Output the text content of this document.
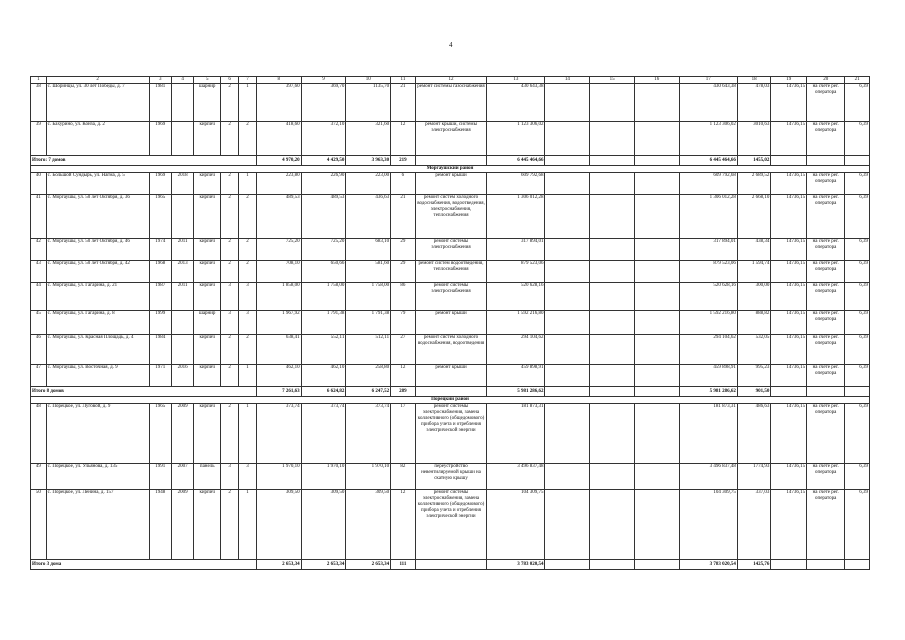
4
1	2	3	4	5	6	7	8	9	10	11	12	13	14	15	16	17	18	19	20	21
38	с. Шоринцы, ул. 30 лет Победы, д. 7	1981		шарнир	2	1	397,60	369,70	1135,70	21	ремонт системы газоснабжения	430 643,38				430 643,38	478,03	14736,15	на счете рег. оператора	6,39
39	с. Бахурино, ул. Конза, д. 2	1969		кирпич	2	2	418,60	372,10	321,60	12	ремонт крыши, системы электроснабжения	1 123 306,02				1 123 306,02	3010,63	14736,15	на счете рег. оператора	6,39
Итого: 7 домов							4 970,20	4 429,50	3 963,30	219		6 445 464,66				6 445 464,66	1455,02			
Моргаушский район																				
40	с. Большой Сундырь, ул. Нагма, д. 5	1969	2018	кирпич	2	1	223,80	226,90	223,00	6	ремонт крыши	609 792,68				609 792,68	2 689,52	14736,15	на счете рег. оператора	6,39
41	с. Моргаушы, ул. 50 лет Октября, д. 36	1965		кирпич	2	2	489,53	489,53	436,63	21	ремонт систем холодного водоснабжения, водоотведения, электроснабжения, теплоснабжения	1 306 012,28				1 306 012,28	2 668,10	14736,15	на счете рег. оператора	6,39
42	с. Моргаушы, ул. 50 лет Октября, д. 46	1974	2011	кирпич	2	2	725,20	725,20	683,10	29	ремонт системы электроснабжения	317 894,01				317 894,01	438,34	14736,15	на счете рег. оператора	6,39
43	с. Моргаушы, ул. 50 лет Октября, д. 42	1968	2013	кирпич	2	2	708,10	650,66	581,60	29	ремонт систем водоотведения, теплоснабжения	879 523,06				879 523,06	1 594,74	14736,15	на счете рег. оператора	6,39
44	с. Моргаушы, ул. Гагарина, д. 21	1987	2011	кирпич	3	3	1 858,00	1 758,00	1 758,00	86	ремонт системы электроснабжения	520 628,16				520 628,16	300,00	14736,15	на счете рег. оператора	6,39
45	с. Моргаушы, ул. Гагарина, д. 8	1999		шарнир	3	3	1 967,92	1 791,38	1 791,38	79	ремонт крыши	1 592 216,80				1 592 216,80	888,82	14736,15	на счете рег. оператора	6,39
46	с. Моргаушы, ул. Красная Площадь, д. 4	1984		кирпич	2	2	638,41	552,11	512,11	27	ремонт систем холодного водоснабжения, водоотведения	294 104,62				294 104,62	532,05	14736,15	на счете рег. оператора	6,39
47	с. Моргаушы, ул. Восточная, д. 9	1971	2016	кирпич	2	1	462,10	462,10	258,80	12	ремонт крыши	459 898,91				459 898,91	995,23	14736,15	на счете рег. оператора	6,39
Итого 8 домов							7 261,63	6 624,82	6 247,52	289		5 981 286,62				5 981 286,62	901,50			
Порецкий район																				
48	с. Порецкое, ул. Луговой, д. 9	1965	2009	кирпич	2	1	373,74	373,74	373,74	17	ремонт системы электроснабжения, замена коллективного (общедомового) прибора учета и отребления электрической энергии	181 873,31				181 873,31	486,63	14736,15	на счете рег. оператора	6,39
49	с. Порецкое, ул. Ульянова, д. 135	1991	2007	панель	3	3	1 970,10	1 970,10	1 970,10	82	переустройство невентилируемой крыши на скатную крышу	3 496 837,48				3 496 837,48	1774,93	14736,15	на счете рег. оператора	6,39
50	с. Порецкое, ул. Ленина, д. 157	1948	2009	кирпич	2	1	309,50	309,50	309,50	12	ремонт системы электроснабжения, замена коллективного (общедомового) прибора учета и отребления электрической энергии	104 309,75				104 309,75	337,03	14736,15	на счете рег. оператора	6,39
Итого 3 дома							2 653,34	2 653,34	2 653,34	111		3 783 020,54				3 783 020,54	1425,76			
